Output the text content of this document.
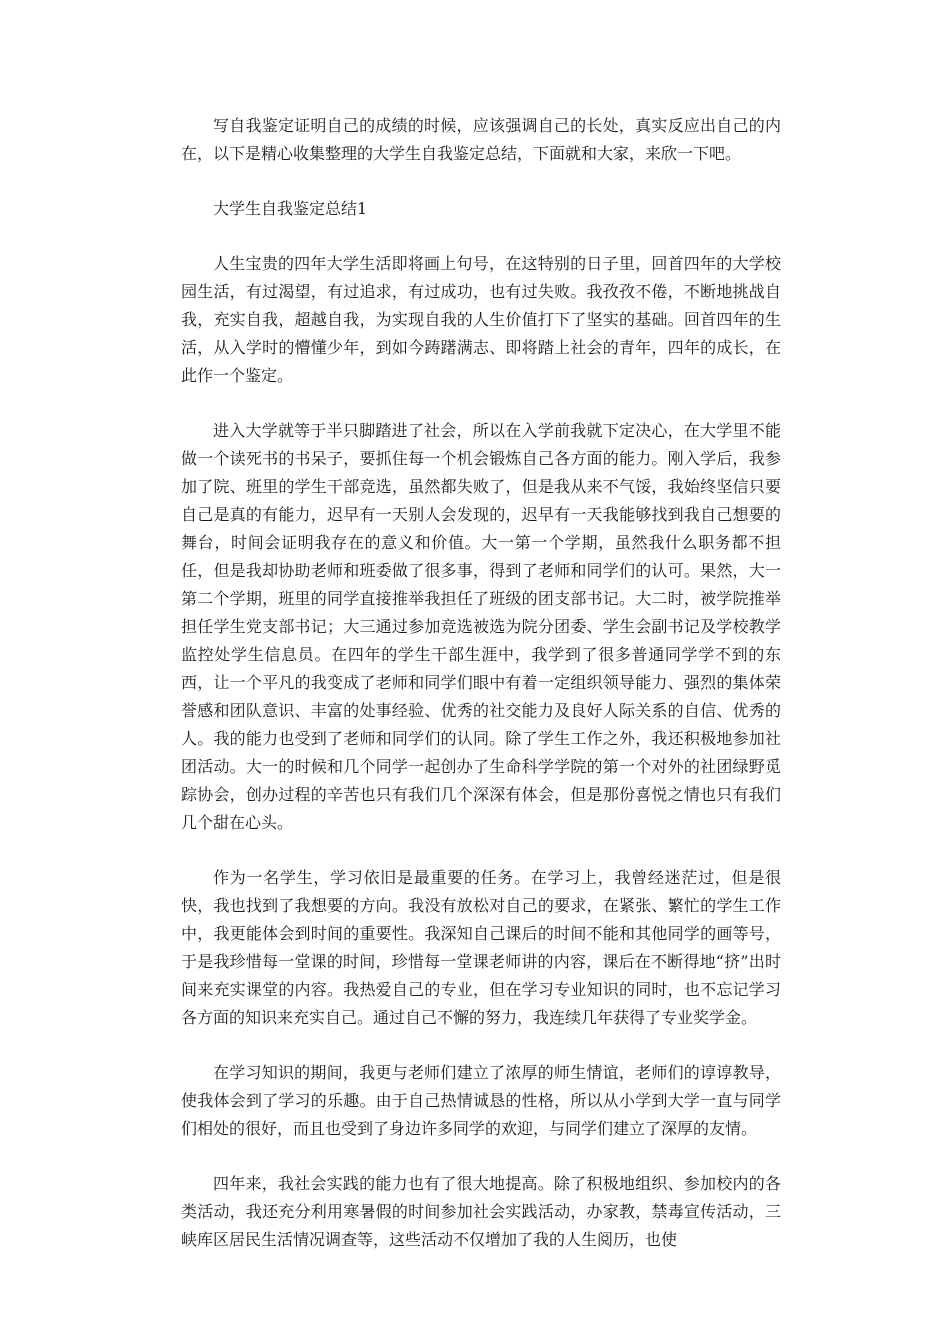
写自我鉴定证明自己的成绩的时候，应该强调自己的长处，真实反应出自己的内在，以下是精心收集整理的大学生自我鉴定总结，下面就和大家，来欣一下吧。

大学生自我鉴定总结1

人生宝贵的四年大学生活即将画上句号，在这特别的日子里，回首四年的大学校园生活，有过渴望，有过追求，有过成功，也有过失败。我孜孜不倦，不断地挑战自我，充实自我，超越自我，为实现自我的人生价值打下了坚实的基础。回首四年的生活，从入学时的懵懂少年，到如今踌躇满志、即将踏上社会的青年，四年的成长，在此作一个鉴定。

进入大学就等于半只脚踏进了社会，所以在入学前我就下定决心，在大学里不能做一个读死书的书呆子，要抓住每一个机会锻炼自己各方面的能力。刚入学后，我参加了院、班里的学生干部竞选，虽然都失败了，但是我从来不气馁，我始终坚信只要自己是真的有能力，迟早有一天别人会发现的，迟早有一天我能够找到我自己想要的舞台，时间会证明我存在的意义和价值。大一第一个学期，虽然我什么职务都不担任，但是我却协助老师和班委做了很多事，得到了老师和同学们的认可。果然，大一第二个学期，班里的同学直接推举我担任了班级的团支部书记。大二时，被学院推举担任学生党支部书记；大三通过参加竞选被选为院分团委、学生会副书记及学校教学监控处学生信息员。在四年的学生干部生涯中，我学到了很多普通同学学不到的东西，让一个平凡的我变成了老师和同学们眼中有着一定组织领导能力、强烈的集体荣誉感和团队意识、丰富的处事经验、优秀的社交能力及良好人际关系的自信、优秀的人。我的能力也受到了老师和同学们的认同。除了学生工作之外，我还积极地参加社团活动。大一的时候和几个同学一起创办了生命科学学院的第一个对外的社团绿野觅踪协会，创办过程的辛苦也只有我们几个深深有体会，但是那份喜悦之情也只有我们几个甜在心头。

作为一名学生，学习依旧是最重要的任务。在学习上，我曾经迷茫过，但是很快，我也找到了我想要的方向。我没有放松对自己的要求，在紧张、繁忙的学生工作中，我更能体会到时间的重要性。我深知自己课后的时间不能和其他同学的画等号，于是我珍惜每一堂课的时间，珍惜每一堂课老师讲的内容，课后在不断得地“挤”出时间来充实课堂的内容。我热爱自己的专业，但在学习专业知识的同时，也不忘记学习各方面的知识来充实自己。通过自己不懈的努力，我连续几年获得了专业奖学金。

在学习知识的期间，我更与老师们建立了浓厚的师生情谊，老师们的谆谆教导，使我体会到了学习的乐趣。由于自己热情诚恳的性格，所以从小学到大学一直与同学们相处的很好，而且也受到了身边许多同学的欢迎，与同学们建立了深厚的友情。

四年来，我社会实践的能力也有了很大地提高。除了积极地组织、参加校内的各类活动，我还充分利用寒暑假的时间参加社会实践活动，办家教，禁毒宣传活动，三峡库区居民生活情况调查等，这些活动不仅增加了我的人生阅历，也使
